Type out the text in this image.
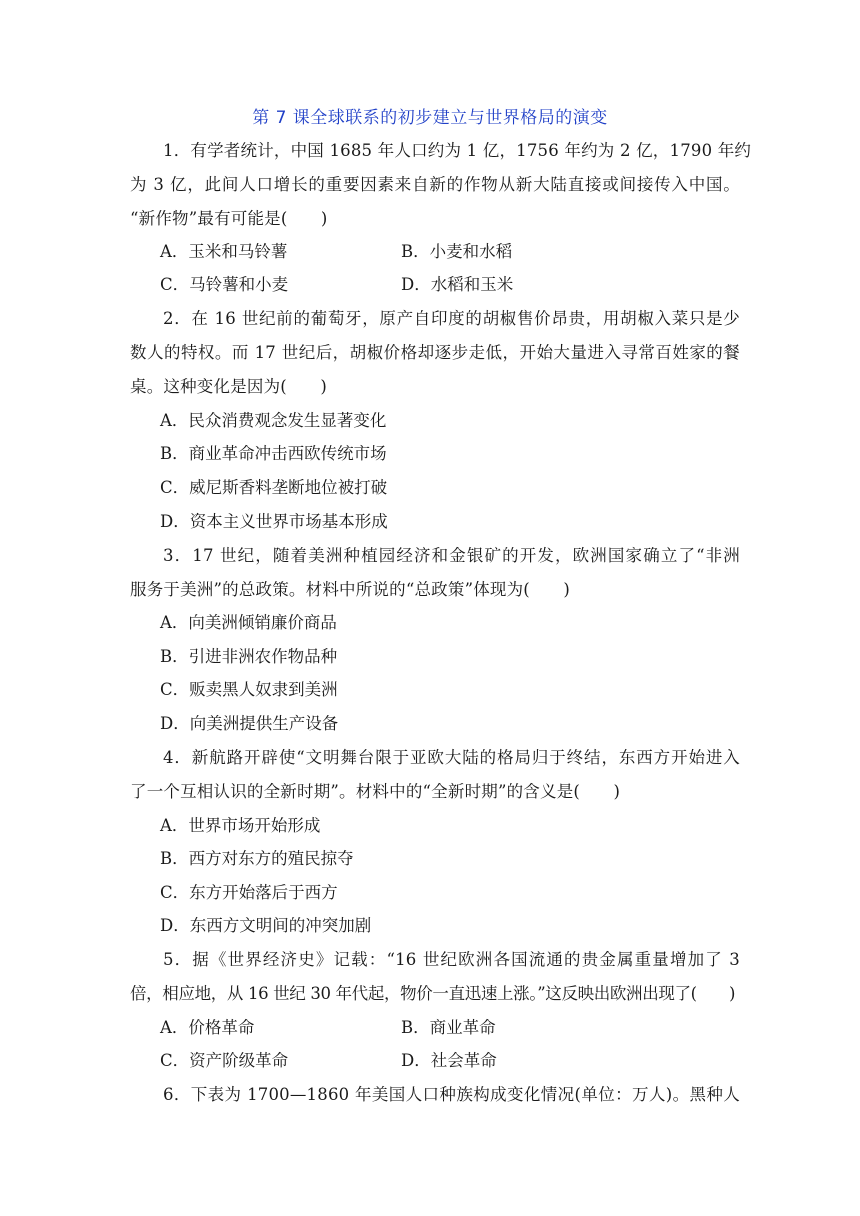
第 7 课全球联系的初步建立与世界格局的演变
1．有学者统计，中国 1685 年人口约为 1 亿，1756 年约为 2 亿，1790 年约
为 3 亿，此间人口增长的重要因素来自新的作物从新大陆直接或间接传入中国。
“新作物”最有可能是(　　)
A．玉米和马铃薯	B．小麦和水稻
C．马铃薯和小麦	D．水稻和玉米
2．在 16 世纪前的葡萄牙，原产自印度的胡椒售价昂贵，用胡椒入菜只是少
数人的特权。而 17 世纪后，胡椒价格却逐步走低，开始大量进入寻常百姓家的餐
桌。这种变化是因为(　　)
A．民众消费观念发生显著变化
B．商业革命冲击西欧传统市场
C．威尼斯香料垄断地位被打破
D．资本主义世界市场基本形成
3．17 世纪，随着美洲种植园经济和金银矿的开发，欧洲国家确立了“非洲
服务于美洲”的总政策。材料中所说的“总政策”体现为(　　)
A．向美洲倾销廉价商品
B．引进非洲农作物品种
C．贩卖黑人奴隶到美洲
D．向美洲提供生产设备
4．新航路开辟使“文明舞台限于亚欧大陆的格局归于终结，东西方开始进入
了一个互相认识的全新时期”。材料中的“全新时期”的含义是(　　)
A．世界市场开始形成
B．西方对东方的殖民掠夺
C．东方开始落后于西方
D．东西方文明间的冲突加剧
5．据《世界经济史》记载：“16 世纪欧洲各国流通的贵金属重量增加了 3
倍，相应地，从 16 世纪 30 年代起，物价一直迅速上涨。”这反映出欧洲出现了(　　)
A．价格革命	B．商业革命
C．资产阶级革命	D．社会革命
6．下表为 1700—1860 年美国人口种族构成变化情况(单位：万人)。黑种人
